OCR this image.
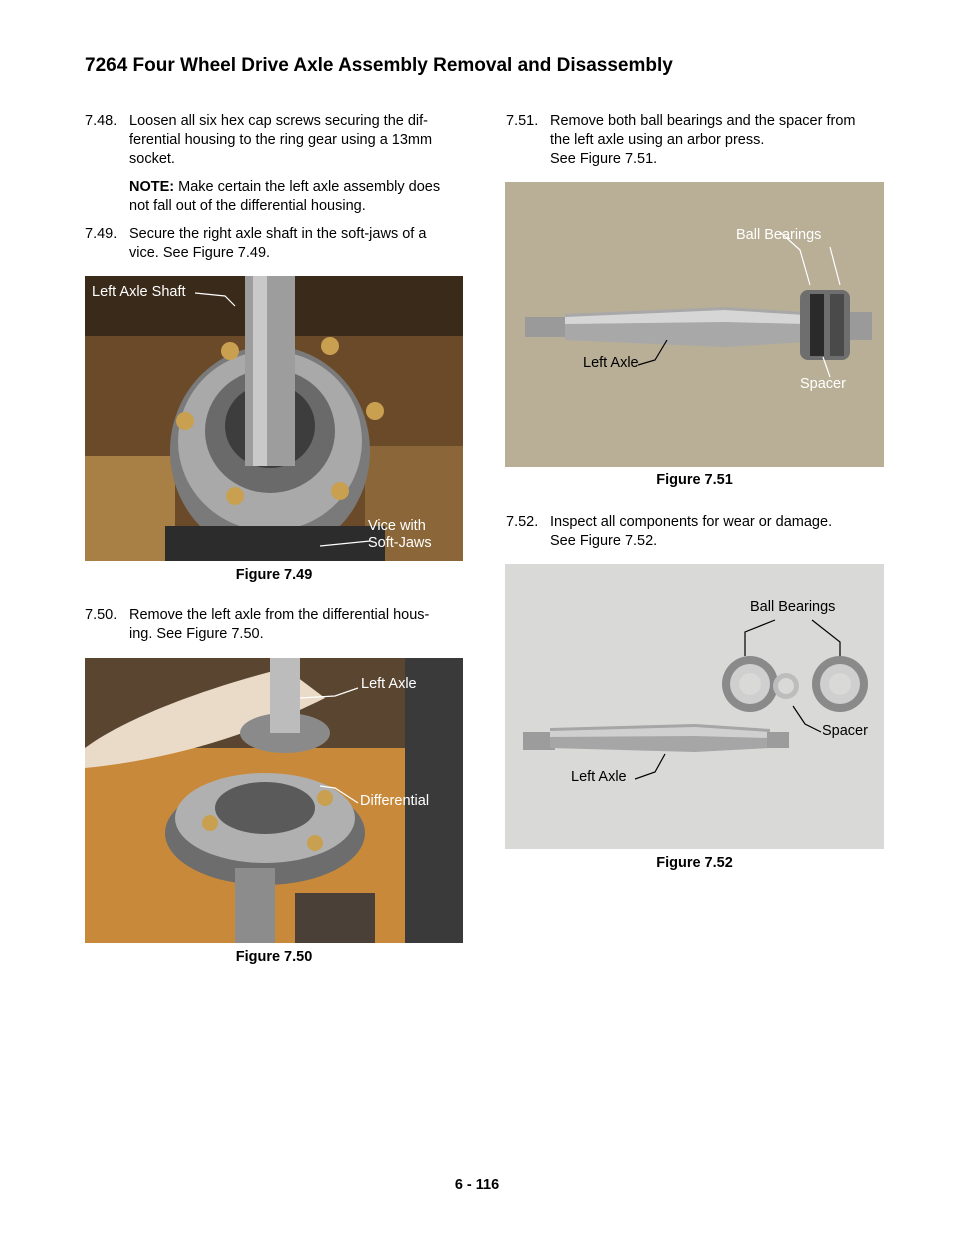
7264 Four Wheel Drive Axle Assembly Removal and Disassembly
7.48. Loosen all six hex cap screws securing the dif-
ferential housing to the ring gear using a 13mm
socket.
NOTE: Make certain the left axle assembly does
not fall out of the differential housing.
7.49. Secure the right axle shaft in the soft-jaws of a
vice. See Figure 7.49.
Left Axle Shaft
Vice with
Soft-Jaws
Figure 7.49
7.50. Remove the left axle from the differential hous-
ing. See Figure 7.50.
Left Axle
Differential
Figure 7.50
7.51. Remove both ball bearings and the spacer from
the left axle using an arbor press.
See Figure 7.51.
Ball Bearings
Left Axle
Spacer
Figure 7.51
7.52. Inspect all components for wear or damage.
See Figure 7.52.
Ball Bearings
Spacer
Left Axle
Figure 7.52
6 - 116
